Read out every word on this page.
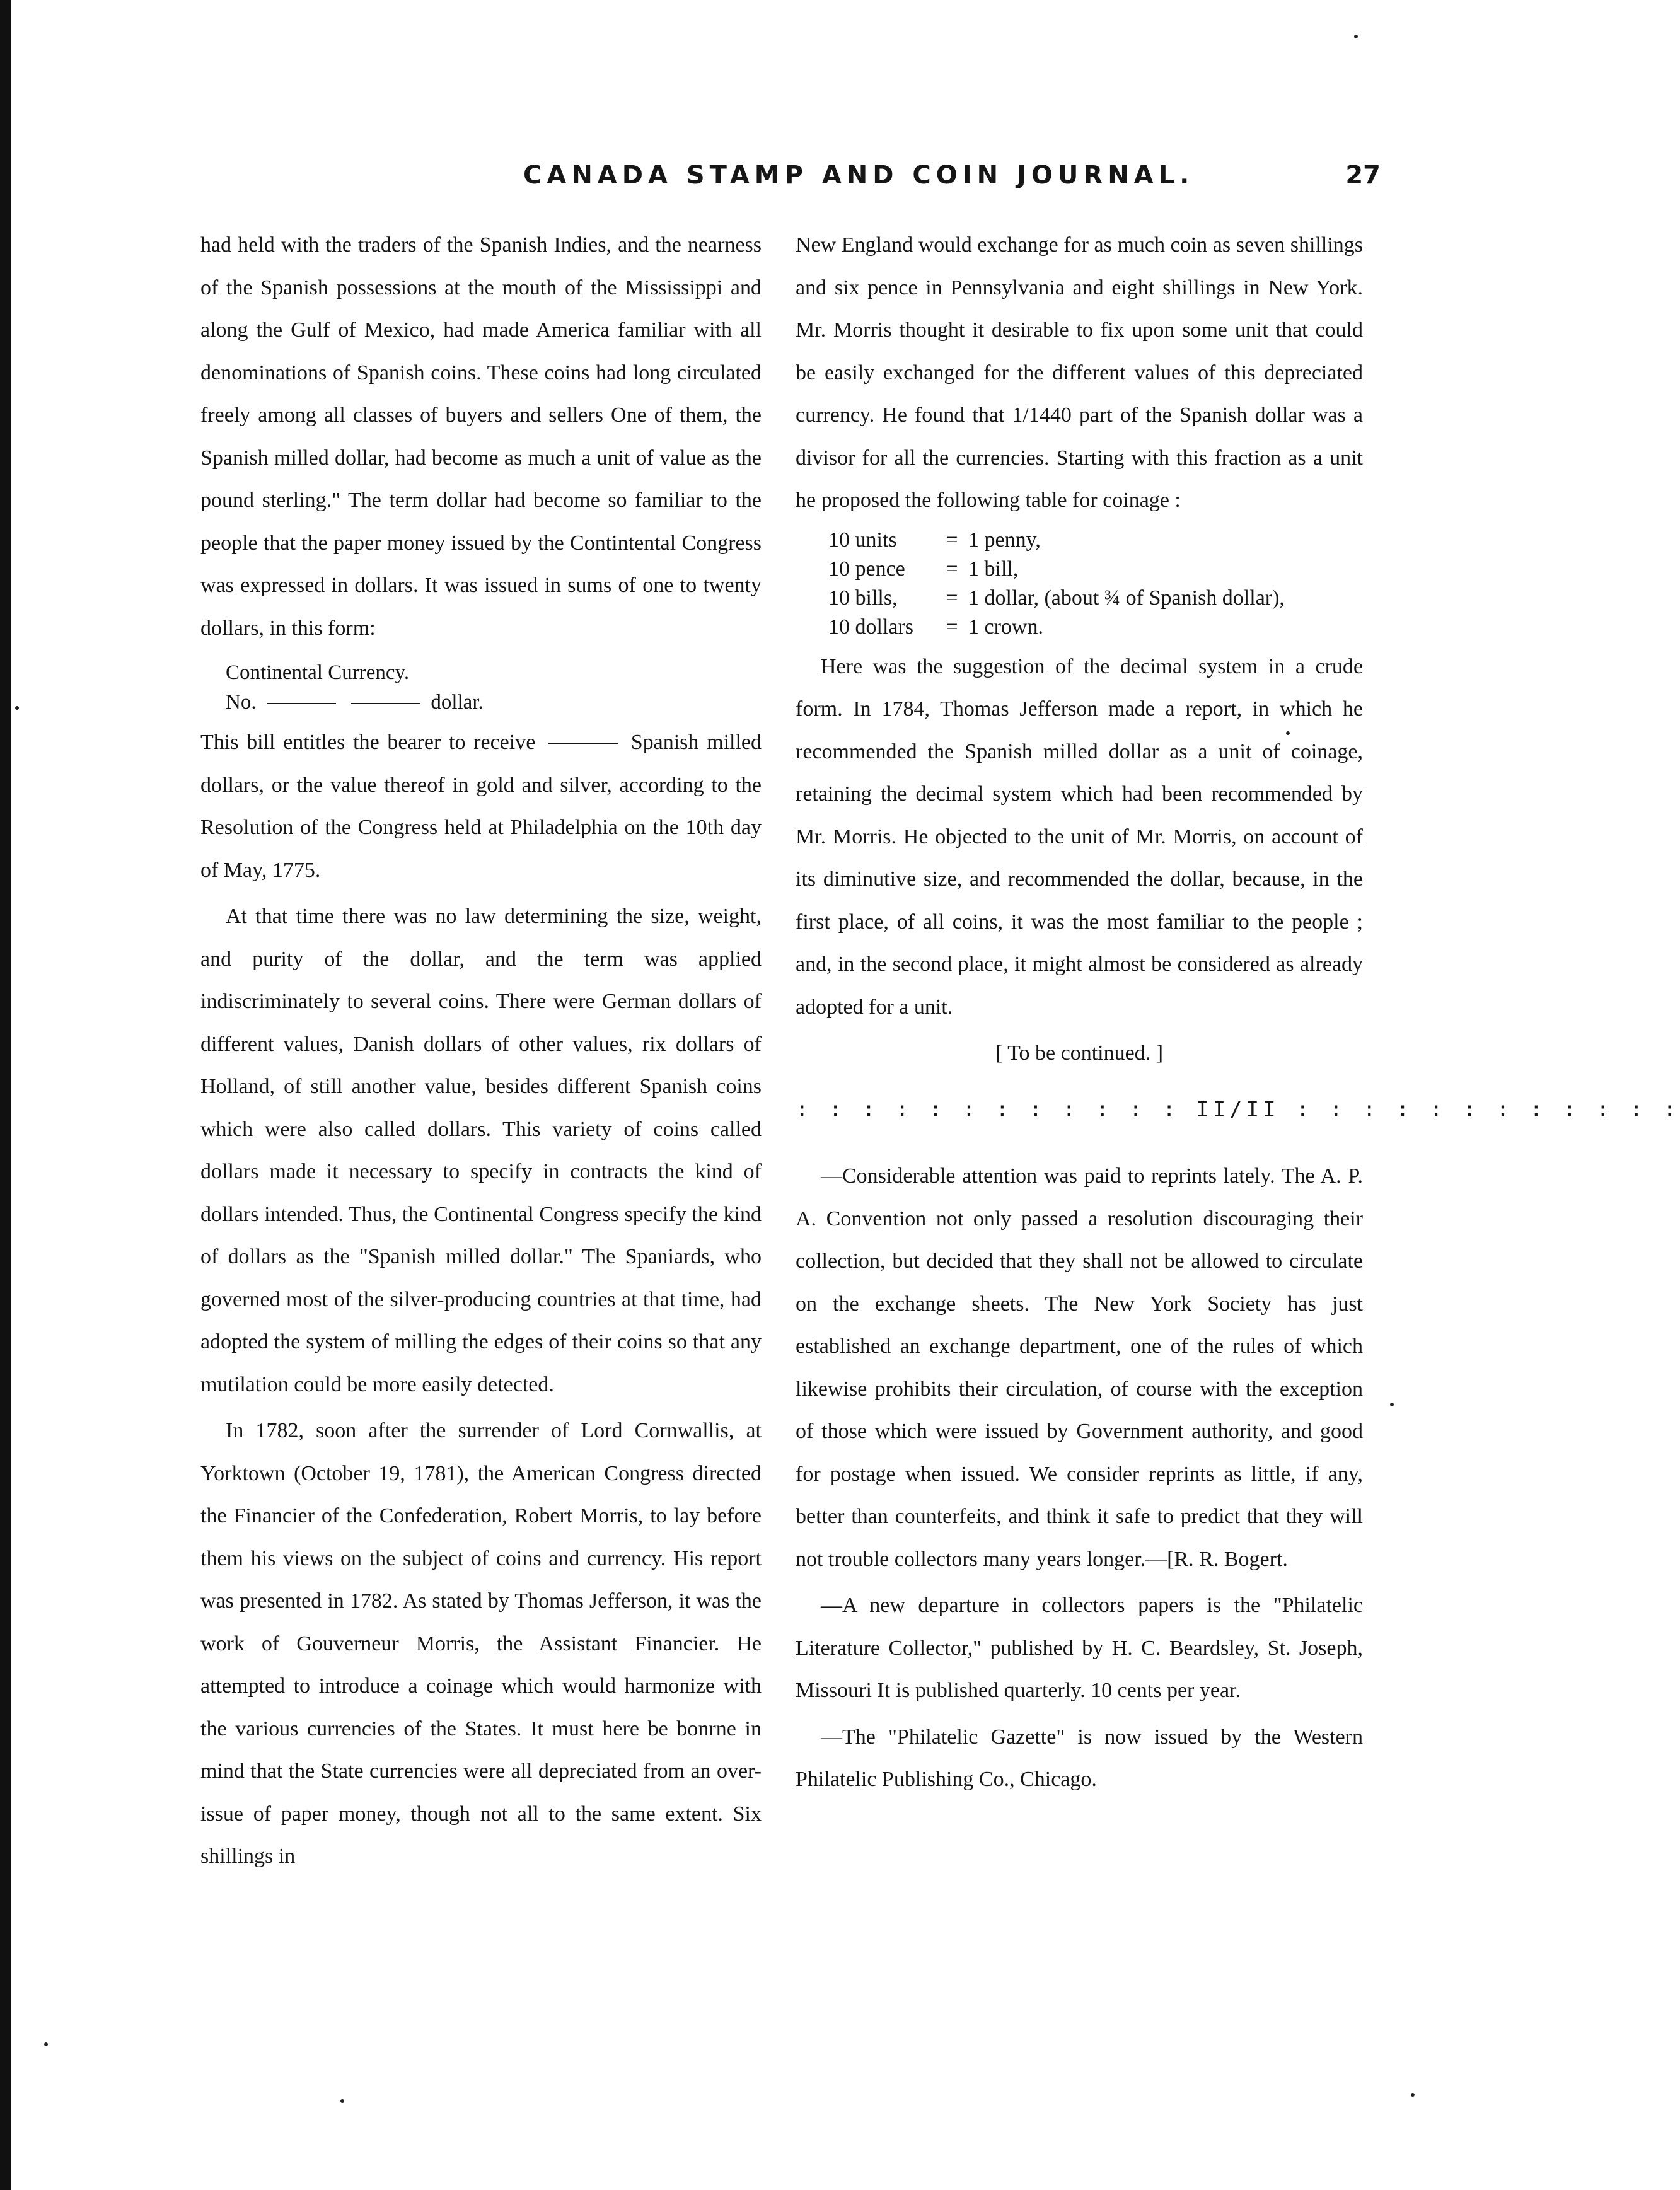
CANADA STAMP AND COIN JOURNAL.	27

had held with the traders of the Spanish Indies, and the nearness of the Spanish possessions at the mouth of the Mississippi and along the Gulf of Mexico, had made America familiar with all denominations of Spanish coins. These coins had long circulated freely among all classes of buyers and sellers One of them, the Spanish milled dollar, had become as much a unit of value as the pound sterling." The term dollar had become so familiar to the people that the paper money issued by the Contintental Congress was expressed in dollars. It was issued in sums of one to twenty dollars, in this form:

Continental Currency.
No.	dollar.

This bill entitles the bearer to receive	Spanish milled dollars, or the value thereof in gold and silver, according to the Resolution of the Congress held at Philadelphia on the 10th day of May, 1775.

At that time there was no law determining the size, weight, and purity of the dollar, and the term was applied indiscriminately to several coins. There were German dollars of different values, Danish dollars of other values, rix dollars of Holland, of still another value, besides different Spanish coins which were also called dollars. This variety of coins called dollars made it necessary to specify in contracts the kind of dollars intended. Thus, the Continental Congress specify the kind of dollars as the "Spanish milled dollar." The Spaniards, who governed most of the silver-producing countries at that time, had adopted the system of milling the edges of their coins so that any mutilation could be more easily detected.

In 1782, soon after the surrender of Lord Cornwallis, at Yorktown (October 19, 1781), the American Congress directed the Financier of the Confederation, Robert Morris, to lay before them his views on the subject of coins and currency. His report was presented in 1782. As stated by Thomas Jefferson, it was the work of Gouverneur Morris, the Assistant Financier. He attempted to introduce a coinage which would harmonize with the various currencies of the States. It must here be bonrne in mind that the State currencies were all depreciated from an over-issue of paper money, though not all to the same extent. Six shillings in

New England would exchange for as much coin as seven shillings and six pence in Pennsylvania and eight shillings in New York. Mr. Morris thought it desirable to fix upon some unit that could be easily exchanged for the different values of this depreciated currency. He found that 1/1440 part of the Spanish dollar was a divisor for all the currencies. Starting with this fraction as a unit he proposed the following table for coinage :

10 units	= 1 penny,
10 pence	= 1 bill,
10 bills,	= 1 dollar, (about ¾ of Spanish dollar),
10 dollars	= 1 crown.

Here was the suggestion of the decimal system in a crude form. In 1784, Thomas Jefferson made a report, in which he recommended the Spanish milled dollar as a unit of coinage, retaining the decimal system which had been recommended by Mr. Morris. He objected to the unit of Mr. Morris, on account of its diminutive size, and recommended the dollar, because, in the first place, of all coins, it was the most familiar to the people ; and, in the second place, it might almost be considered as already adopted for a unit.

[ To be continued. ]

: : : : : : : : : : : : II/II : : : : : : : : : : : :

—Considerable attention was paid to reprints lately. The A. P. A. Convention not only passed a resolution discouraging their collection, but decided that they shall not be allowed to circulate on the exchange sheets. The New York Society has just established an exchange department, one of the rules of which likewise prohibits their circulation, of course with the exception of those which were issued by Government authority, and good for postage when issued. We consider reprints as little, if any, better than counterfeits, and think it safe to predict that they will not trouble collectors many years longer.—[R. R. Bogert.

—A new departure in collectors papers is the "Philatelic Literature Collector," published by H. C. Beardsley, St. Joseph, Missouri It is published quarterly. 10 cents per year.

—The "Philatelic Gazette" is now issued by the Western Philatelic Publishing Co., Chicago.
